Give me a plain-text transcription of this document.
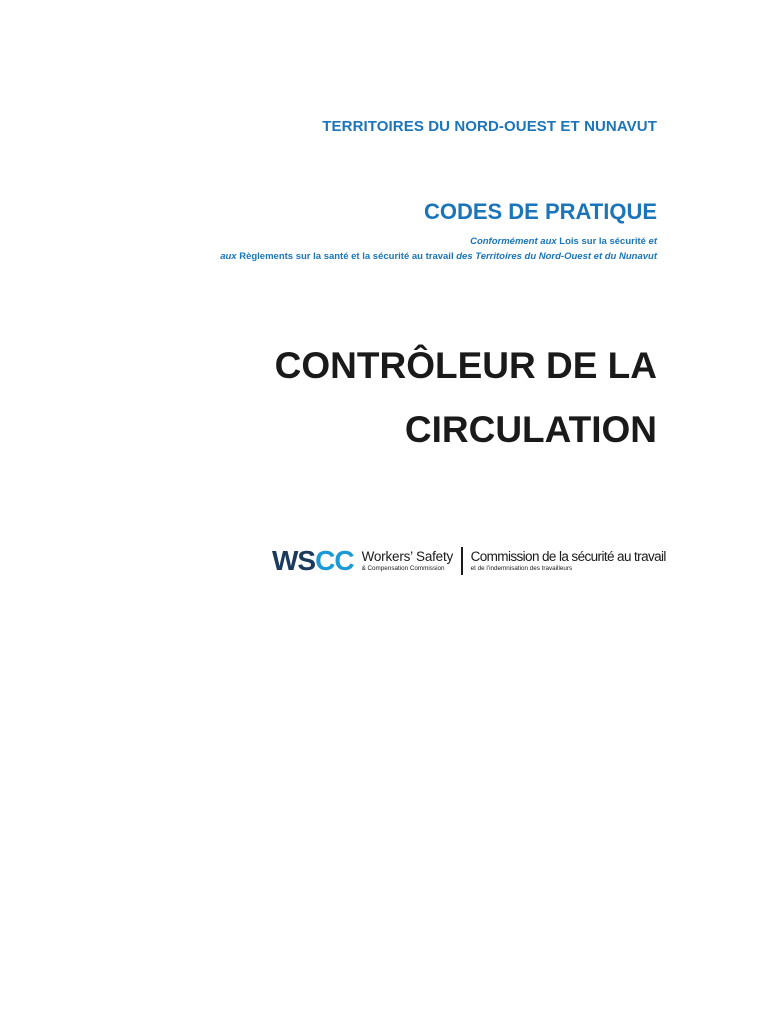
TERRITOIRES DU NORD-OUEST ET NUNAVUT
CODES DE PRATIQUE
Conformément aux Lois sur la sécurité et
aux Règlements sur la santé et la sécurité au travail des Territoires du Nord-Ouest et du Nunavut
CONTRÔLEUR DE LA
CIRCULATION
WS CC Workers’ Safety
& Compensation Commission
Commission de la sécurité au travail
et de l’indemnisation des travailleurs
